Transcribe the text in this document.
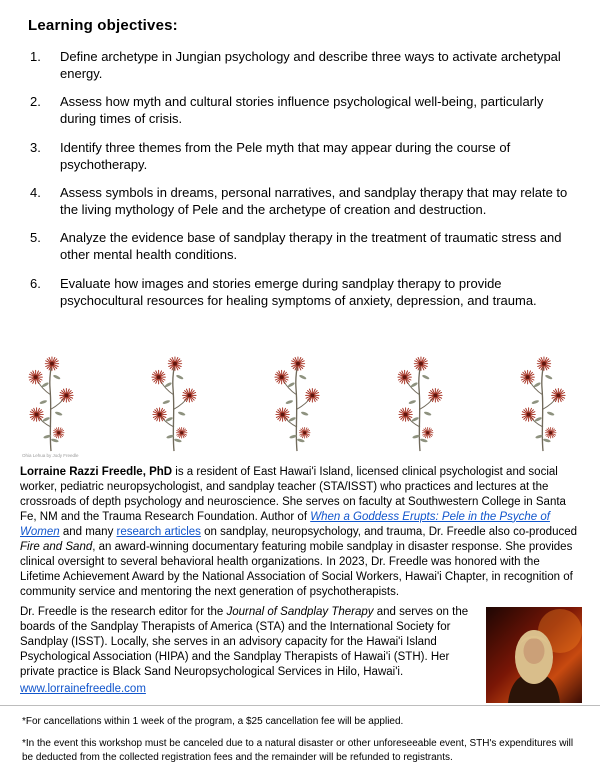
Learning objectives:
1.	Define archetype in Jungian psychology and describe three ways to activate archetypal energy.
2.	Assess how myth and cultural stories influence psychological well-being, particularly during times of crisis.
3.	Identify three themes from the Pele myth that may appear during the course of psychotherapy.
4.	Assess symbols in dreams, personal narratives, and sandplay therapy that may relate to the living mythology of Pele and the archetype of creation and destruction.
5.	Analyze the evidence base of sandplay therapy in the treatment of traumatic stress and other mental health conditions.
6.	Evaluate how images and stories emerge during sandplay therapy to provide psychocultural resources for healing symptoms of anxiety, depression, and trauma.
Ohia Lehua by Jody Freedle

Lorraine Razzi Freedle, PhD is a resident of East Hawai'i Island, licensed clinical psychologist and social worker, pediatric neuropsychologist, and sandplay teacher (STA/ISST) who practices and lectures at the crossroads of depth psychology and neuroscience. She serves on faculty at Southwestern College in Santa Fe, NM and the Trauma Research Foundation. Author of When a Goddess Erupts: Pele in the Psyche of Women and many research articles on sandplay, neuropsychology, and trauma, Dr. Freedle also co-produced Fire and Sand, an award-winning documentary featuring mobile sandplay in disaster response. She provides clinical oversight to several behavioral health organizations. In 2023, Dr. Freedle was honored with the Lifetime Achievement Award by the National Association of Social Workers, Hawai'i Chapter, in recognition of community service and mentoring the next generation of psychotherapists.

Dr. Freedle is the research editor for the Journal of Sandplay Therapy and serves on the boards of the Sandplay Therapists of America (STA) and the International Society for Sandplay (ISST). Locally, she serves in an advisory capacity for the Hawai'i Island Psychological Association (HIPA) and the Sandplay Therapists of Hawai'i (STH). Her private practice is Black Sand Neuropsychological Services in Hilo, Hawai'i.

www.lorrainefreedle.com

*For cancellations within 1 week of the program, a $25 cancellation fee will be applied.

*In the event this workshop must be canceled due to a natural disaster or other unforeseeable event, STH's expenditures will be deducted from the collected registration fees and the remainder will be refunded to registrants.
